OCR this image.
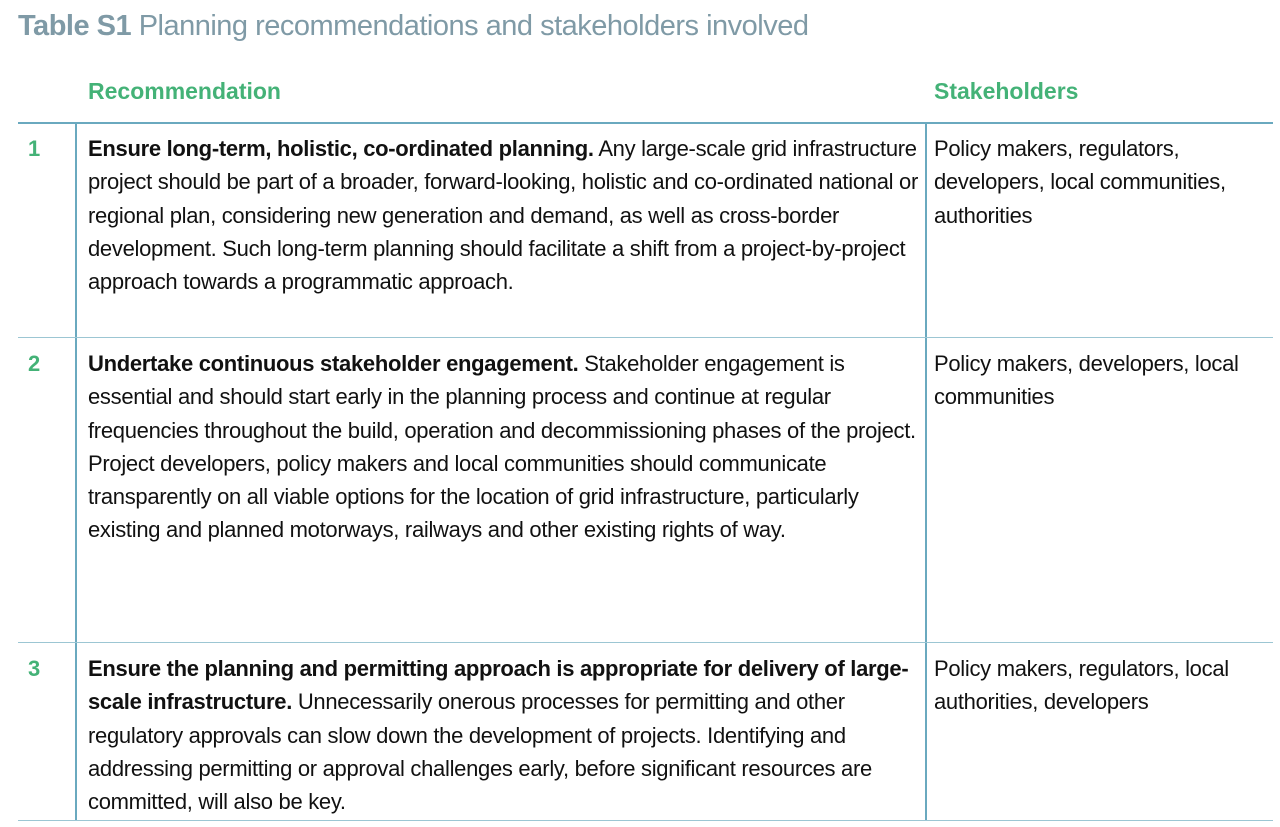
Table S1 Planning recommendations and stakeholders involved
Recommendation	Stakeholders
1 Ensure long-term, holistic, co-ordinated planning. Any large-scale grid infrastructure project should be part of a broader, forward-looking, holistic and co-ordinated national or regional plan, considering new generation and demand, as well as cross-border development. Such long-term planning should facilitate a shift from a project-by-project approach towards a programmatic approach.
Policy makers, regulators, developers, local communities, authorities
2 Undertake continuous stakeholder engagement. Stakeholder engagement is essential and should start early in the planning process and continue at regular frequencies throughout the build, operation and decommissioning phases of the project. Project developers, policy makers and local communities should communicate transparently on all viable options for the location of grid infrastructure, particularly existing and planned motorways, railways and other existing rights of way.
Policy makers, developers, local communities
3 Ensure the planning and permitting approach is appropriate for delivery of large-scale infrastructure. Unnecessarily onerous processes for permitting and other regulatory approvals can slow down the development of projects. Identifying and addressing permitting or approval challenges early, before significant resources are committed, will also be key.
Policy makers, regulators, local authorities, developers
